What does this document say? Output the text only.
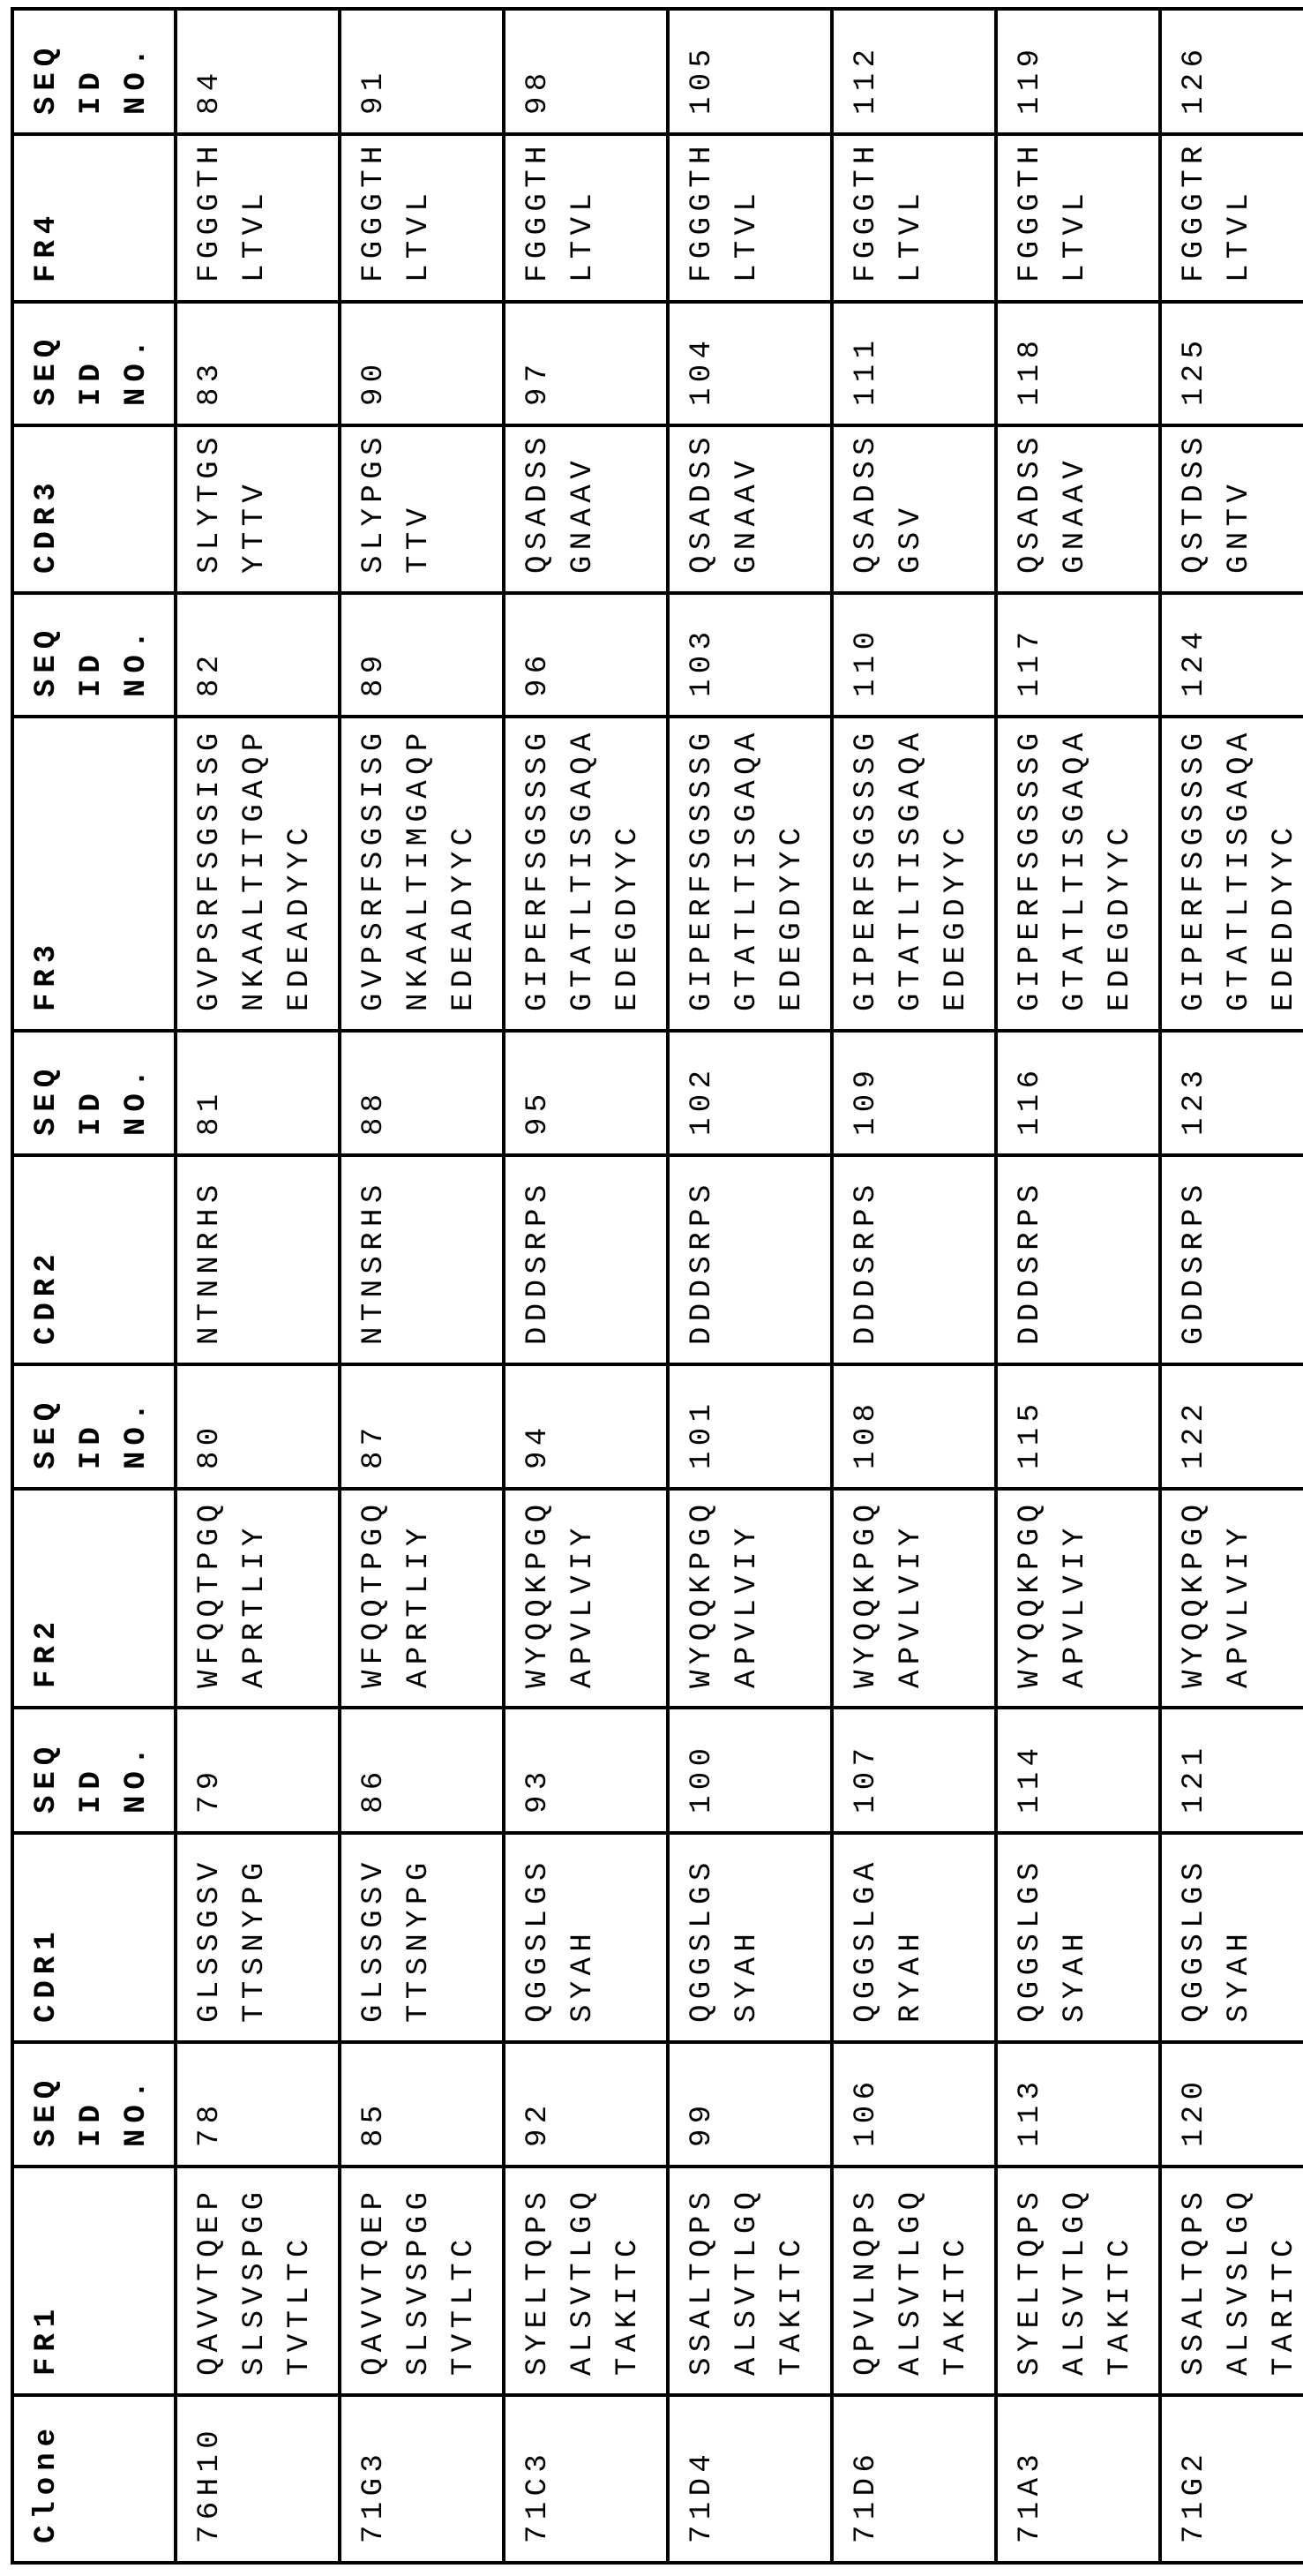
Clone	FR1	SEQ ID NO.	CDR1	SEQ ID NO.	FR2	SEQ ID NO.	CDR2	SEQ ID NO.	FR3	SEQ ID NO.	CDR3	SEQ ID NO.	FR4	SEQ ID NO.

76H10	QAVVTQEP SLSVSPGG TVTLTC	78	GLSSGSV TTSNYPG	79	WFQQTPGQ APRTLIY	80	NTNNRHS	81	GVPSRFSGSISG NKAALTITGAQP EDEADYYC	82	SLYTGS YTTV	83	FGGGTH LTVL	84

71G3	QAVVTQEP SLSVSPGG TVTLTC	85	GLSSGSV TTSNYPG	86	WFQQTPGQ APRTLIY	87	NTNSRHS	88	GVPSRFSGSISG NKAALTIMGAQP EDEADYYC	89	SLYPGS TTV	90	FGGGTH LTVL	91

71C3	SYELTQPS ALSVTLGQ TAKITC	92	QGGSLGS SYAH	93	WYQQKPGQ APVLVIY	94	DDDSRPS	95	GIPERFSGSSSG GTATLTISGAQA EDEGDYYC	96	QSADSS GNAAV	97	FGGGTH LTVL	98

71D4	SSALTQPS ALSVTLGQ TAKITC	99	QGGSLGS SYAH	100	WYQQKPGQ APVLVIY	101	DDDSRPS	102	GIPERFSGSSSG GTATLTISGAQA EDEGDYYC	103	QSADSS GNAAV	104	FGGGTH LTVL	105

71D6	QPVLNQPS ALSVTLGQ TAKITC	106	QGGSLGA RYAH	107	WYQQKPGQ APVLVIY	108	DDDSRPS	109	GIPERFSGSSSG GTATLTISGAQA EDEGDYYC	110	QSADSS GSV	111	FGGGTH LTVL	112

71A3	SYELTQPS ALSVTLGQ TAKITC	113	QGGSLGS SYAH	114	WYQQKPGQ APVLVIY	115	DDDSRPS	116	GIPERFSGSSSG GTATLTISGAQA EDEGDYYC	117	QSADSS GNAAV	118	FGGGTH LTVL	119

71G2	SSALTQPS ALSVSLGQ TARITC	120	QGGSLGS SYAH	121	WYQQKPGQ APVLVIY	122	GDDSRPS	123	GIPERFSGSSSG GTATLTISGAQA EDEDDYYC	124	QSTDSS GNTV	125	FGGGTR LTVL	126
